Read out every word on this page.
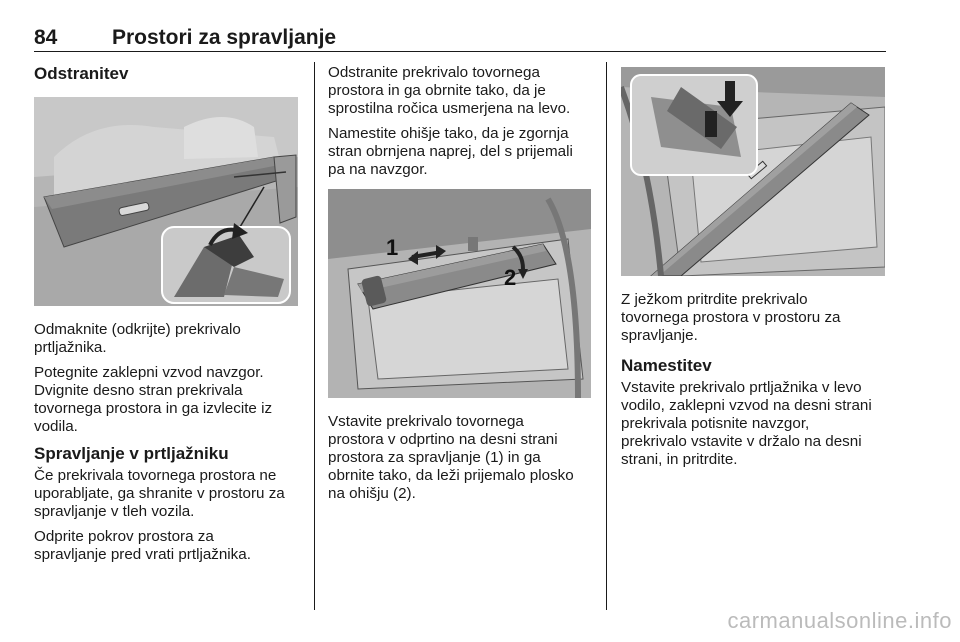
84	Prostori za spravljanje
Odstranitev

Odmaknite (odkrijte) prekrivalo
prtljažnika.

Potegnite zaklepni vzvod navzgor.
Dvignite desno stran prekrivala
tovornega prostora in ga izvlecite iz
vodila.

Spravljanje v prtljažniku

Če prekrivala tovornega prostora ne
uporabljate, ga shranite v prostoru za
spravljanje v tleh vozila.

Odprite pokrov prostora za
spravljanje pred vrati prtljažnika.

Odstranite prekrivalo tovornega
prostora in ga obrnite tako, da je
sprostilna ročica usmerjena na levo.

Namestite ohišje tako, da je zgornja
stran obrnjena naprej, del s prijemali
pa na navzgor.

1
2

Vstavite prekrivalo tovornega
prostora v odprtino na desni strani
prostora za spravljanje (1) in ga
obrnite tako, da leži prijemalo plosko
na ohišju (2).

Z ježkom pritrdite prekrivalo
tovornega prostora v prostoru za
spravljanje.

Namestitev

Vstavite prekrivalo prtljažnika v levo
vodilo, zaklepni vzvod na desni strani
prekrivala potisnite navzgor,
prekrivalo vstavite v držalo na desni
strani, in pritrdite.

carmanualsonline.info
